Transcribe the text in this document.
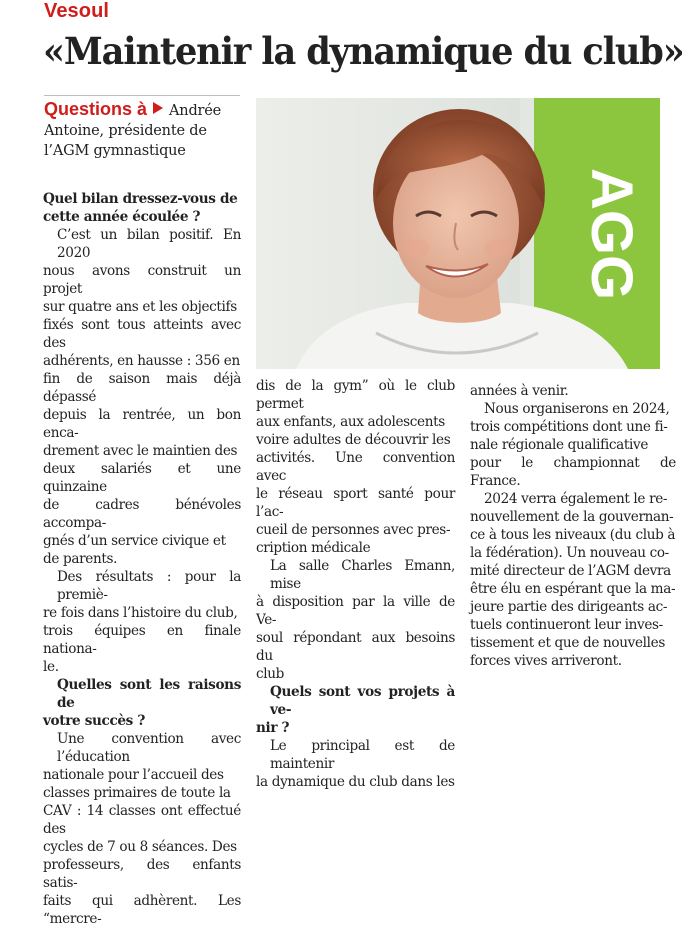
Vesoul
«Maintenir la dynamique du club»
Questions à Andrée Antoine, présidente de l’AGM gymnastique
Quel bilan dressez-vous de
cette année écoulée ?
C’est un bilan positif. En 2020
nous avons construit un projet
sur quatre ans et les objectifs
fixés sont tous atteints avec des
adhérents, en hausse : 356 en
fin de saison mais déjà dépassé
depuis la rentrée, un bon enca-
drement avec le maintien des
deux salariés et une quinzaine
de cadres bénévoles accompa-
gnés d’un service civique et
de parents.
Des résultats : pour la premiè-
re fois dans l’histoire du club,
trois équipes en finale nationa-
le.
Quelles sont les raisons de
votre succès ?
Une convention avec l’éducation
nationale pour l’accueil des
classes primaires de toute la
CAV : 14 classes ont effectué des
cycles de 7 ou 8 séances. Des
professeurs, des enfants satis-
faits qui adhèrent. Les “mercre-
AGG
dis de la gym” où le club permet
aux enfants, aux adolescents
voire adultes de découvrir les
activités. Une convention avec
le réseau sport santé pour l’ac-
cueil de personnes avec pres-
cription médicale
La salle Charles Emann, mise
à disposition par la ville de Ve-
soul répondant aux besoins du
club
Quels sont vos projets à ve-
nir ?
Le principal est de maintenir
la dynamique du club dans les
années à venir.
Nous organiserons en 2024,
trois compétitions dont une fi-
nale régionale qualificative
pour le championnat de France.
2024 verra également le re-
nouvellement de la gouvernan-
ce à tous les niveaux (du club à
la fédération). Un nouveau co-
mité directeur de l’AGM devra
être élu en espérant que la ma-
jeure partie des dirigeants ac-
tuels continueront leur inves-
tissement et que de nouvelles
forces vives arriveront.
